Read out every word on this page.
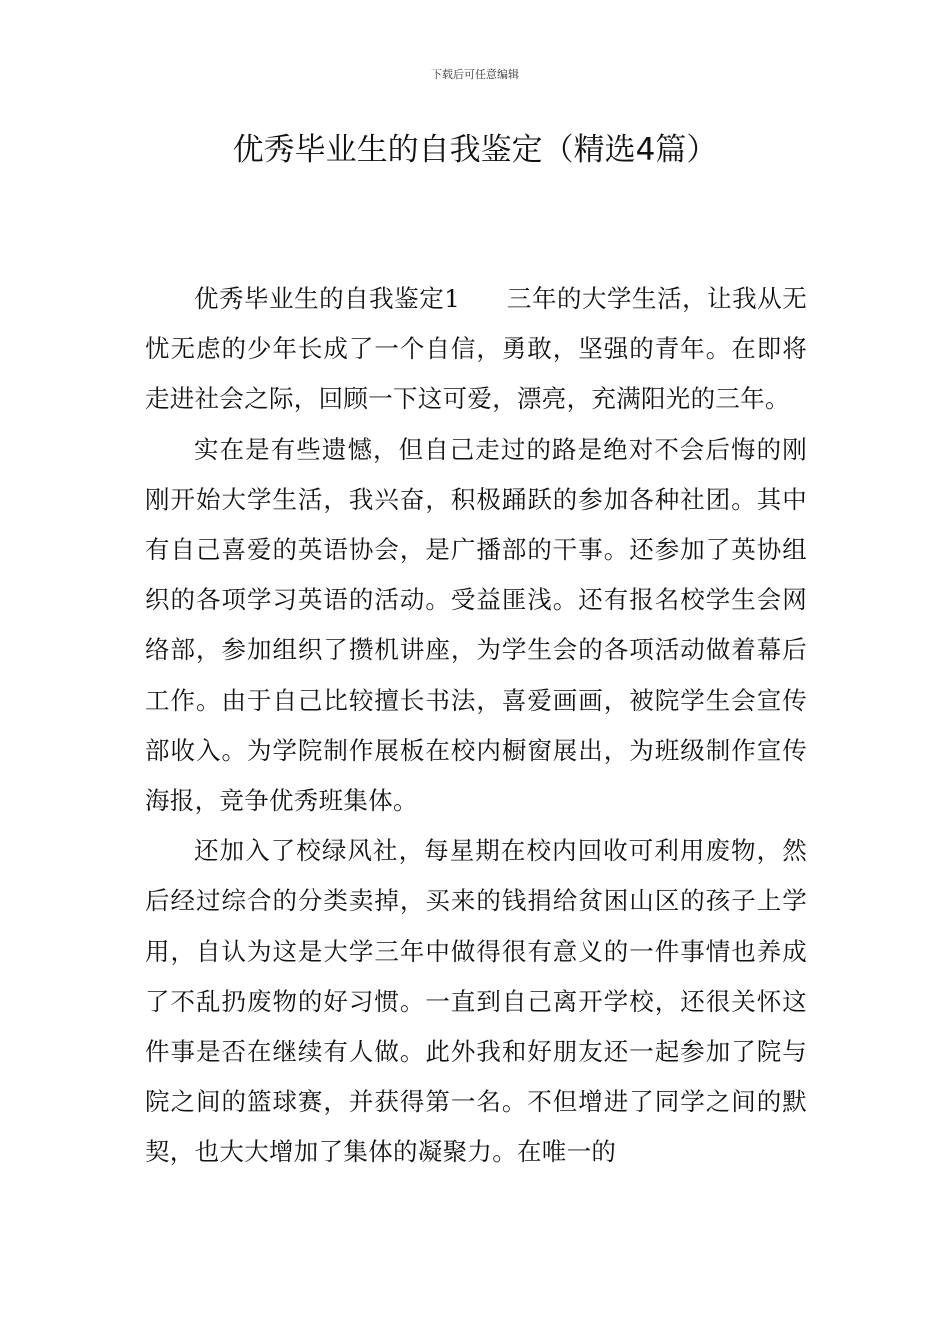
下载后可任意编辑
优秀毕业生的自我鉴定（精选4篇）

优秀毕业生的自我鉴定1 三年的大学生活，让我从无忧无虑的少年长成了一个自信，勇敢，坚强的青年。在即将走进社会之际，回顾一下这可爱，漂亮，充满阳光的三年。

实在是有些遗憾，但自己走过的路是绝对不会后悔的刚刚开始大学生活，我兴奋，积极踊跃的参加各种社团。其中有自己喜爱的英语协会，是广播部的干事。还参加了英协组织的各项学习英语的活动。受益匪浅。还有报名校学生会网络部，参加组织了攒机讲座，为学生会的各项活动做着幕后工作。由于自己比较擅长书法，喜爱画画，被院学生会宣传部收入。为学院制作展板在校内橱窗展出，为班级制作宣传海报，竞争优秀班集体。

还加入了校绿风社，每星期在校内回收可利用废物，然后经过综合的分类卖掉，买来的钱捐给贫困山区的孩子上学用，自认为这是大学三年中做得很有意义的一件事情也养成了不乱扔废物的好习惯。一直到自己离开学校，还很关怀这件事是否在继续有人做。此外我和好朋友还一起参加了院与院之间的篮球赛，并获得第一名。不但增进了同学之间的默契，也大大增加了集体的凝聚力。在唯一的
